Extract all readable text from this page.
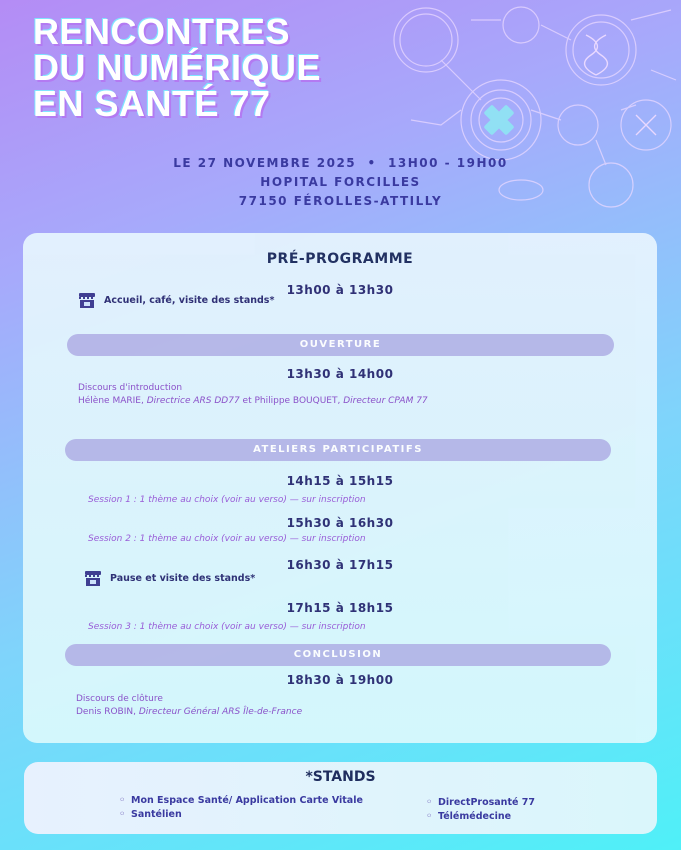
RENCONTRES
DU NUMÉRIQUE
EN SANTÉ 77
LE 27 NOVEMBRE 2025  •  13H00 - 19H00
HOPITAL FORCILLES
77150 FÉROLLES-ATTILLY
PRÉ-PROGRAMME
13h00 à 13h30
Accueil, café, visite des stands*
OUVERTURE
13h30 à 14h00
Discours d'introduction
Hélène MARIE, Directrice ARS DD77 et Philippe BOUQUET, Directeur CPAM 77
ATELIERS PARTICIPATIFS
14h15 à 15h15
Session 1 : 1 thème au choix (voir au verso) — sur inscription
15h30 à 16h30
Session 2 : 1 thème au choix (voir au verso) — sur inscription
16h30 à 17h15
Pause et visite des stands*
17h15 à 18h15
Session 3 : 1 thème au choix (voir au verso) — sur inscription
CONCLUSION
18h30 à 19h00
Discours de clôture
Denis ROBIN, Directeur Général ARS Île-de-France
*STANDS
◦ Mon Espace Santé/ Application Carte Vitale
◦ Santélien
◦ DirectProsanté 77
◦ Télémédecine
